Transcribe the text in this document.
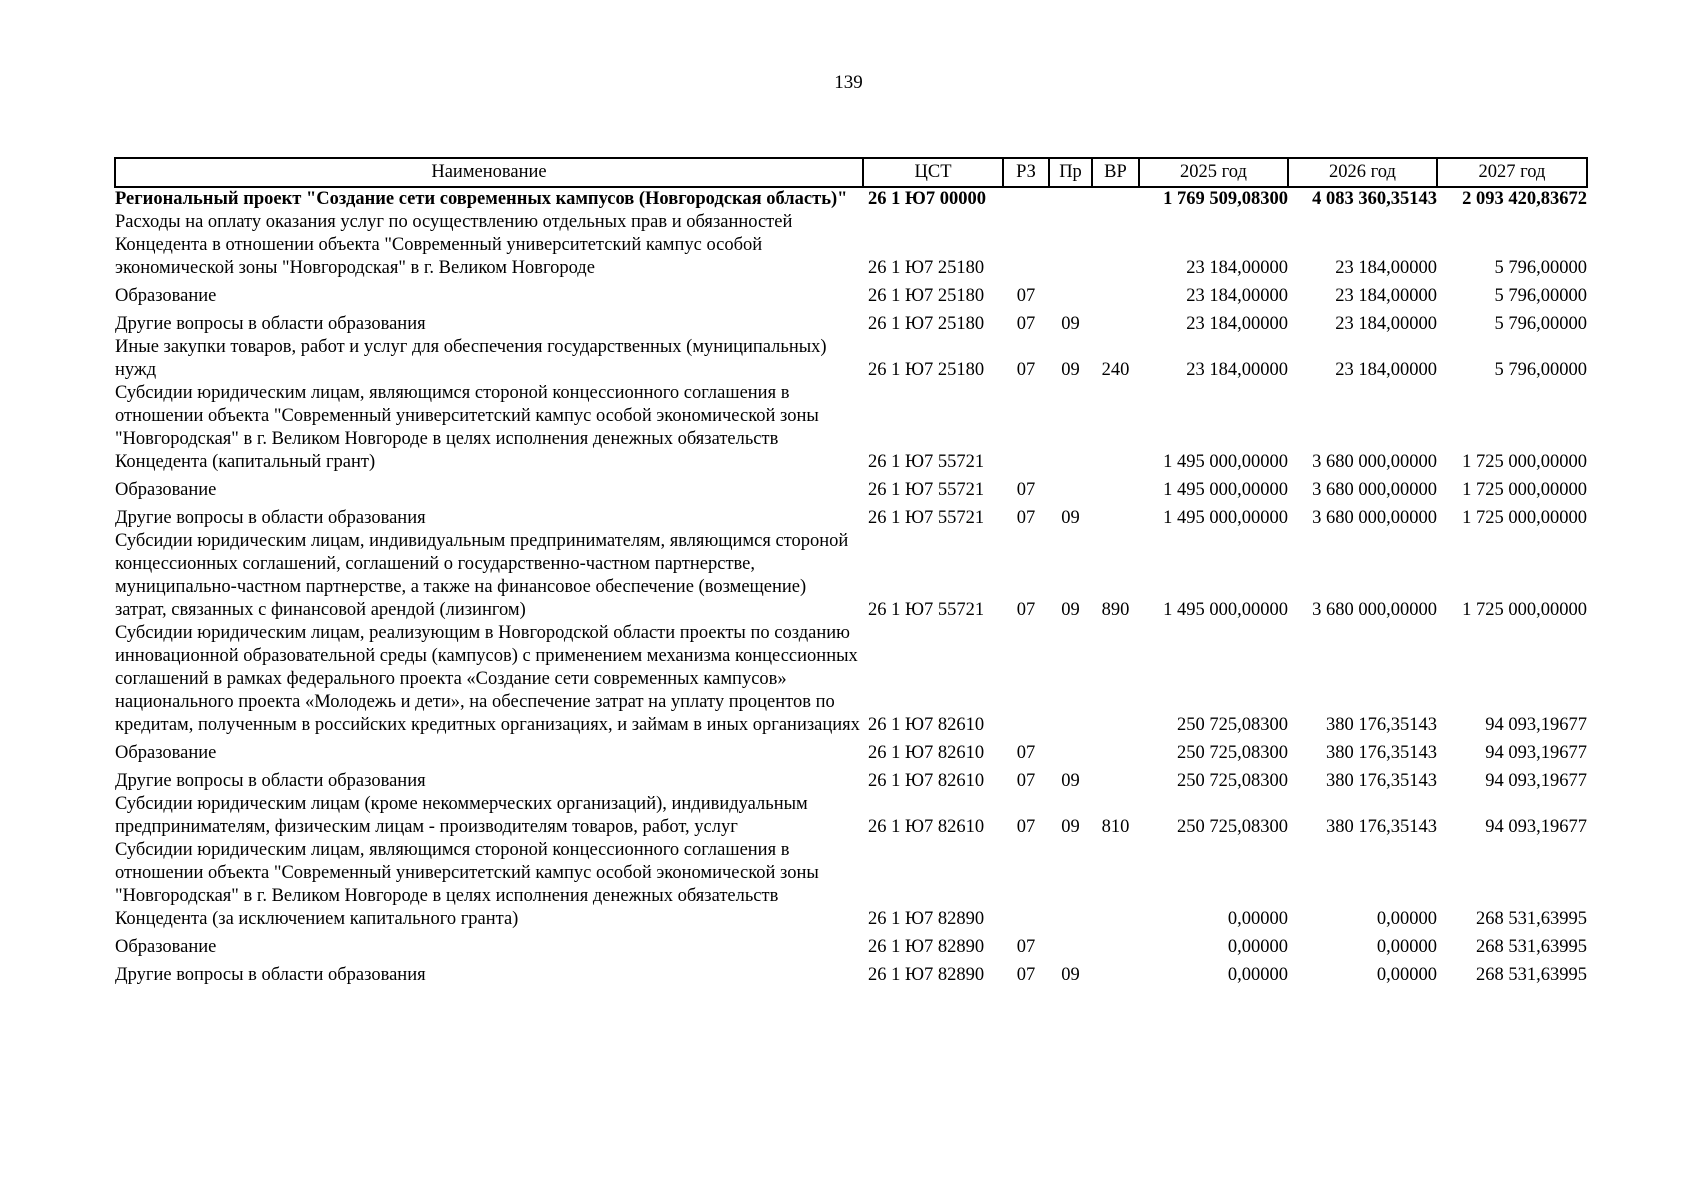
139
Наименование	ЦСТ	РЗ	Пр	ВР	2025 год	2026 год	2027 год
Региональный проект "Создание сети современных кампусов (Новгородская область)"	26 1 Ю7 00000				1 769 509,08300	4 083 360,35143	2 093 420,83672
Расходы на оплату оказания услуг по осуществлению отдельных прав и обязанностей Концедента в отношении объекта "Современный университетский кампус особой экономической зоны "Новгородская" в г. Великом Новгороде	26 1 Ю7 25180				23 184,00000	23 184,00000	5 796,00000
Образование	26 1 Ю7 25180	07			23 184,00000	23 184,00000	5 796,00000
Другие вопросы в области образования	26 1 Ю7 25180	07	09		23 184,00000	23 184,00000	5 796,00000
Иные закупки товаров, работ и услуг для обеспечения государственных (муниципальных) нужд	26 1 Ю7 25180	07	09	240	23 184,00000	23 184,00000	5 796,00000
Субсидии юридическим лицам, являющимся стороной концессионного соглашения в отношении объекта "Современный университетский кампус особой экономической зоны "Новгородская" в г. Великом Новгороде в целях исполнения денежных обязательств Концедента (капитальный грант)	26 1 Ю7 55721				1 495 000,00000	3 680 000,00000	1 725 000,00000
Образование	26 1 Ю7 55721	07			1 495 000,00000	3 680 000,00000	1 725 000,00000
Другие вопросы в области образования	26 1 Ю7 55721	07	09		1 495 000,00000	3 680 000,00000	1 725 000,00000
Субсидии юридическим лицам, индивидуальным предпринимателям, являющимся стороной концессионных соглашений, соглашений о государственно-частном партнерстве, муниципально-частном партнерстве, а также на финансовое обеспечение (возмещение) затрат, связанных с финансовой арендой (лизингом)	26 1 Ю7 55721	07	09	890	1 495 000,00000	3 680 000,00000	1 725 000,00000
Субсидии юридическим лицам, реализующим в Новгородской области проекты по созданию инновационной образовательной среды (кампусов) с применением механизма концессионных соглашений в рамках федерального проекта «Создание сети современных кампусов» национального проекта «Молодежь и дети», на обеспечение затрат на уплату процентов по кредитам, полученным в российских кредитных организациях, и займам в иных организациях	26 1 Ю7 82610				250 725,08300	380 176,35143	94 093,19677
Образование	26 1 Ю7 82610	07			250 725,08300	380 176,35143	94 093,19677
Другие вопросы в области образования	26 1 Ю7 82610	07	09		250 725,08300	380 176,35143	94 093,19677
Субсидии юридическим лицам (кроме некоммерческих организаций), индивидуальным предпринимателям, физическим лицам - производителям товаров, работ, услуг	26 1 Ю7 82610	07	09	810	250 725,08300	380 176,35143	94 093,19677
Субсидии юридическим лицам, являющимся стороной концессионного соглашения в отношении объекта "Современный университетский кампус особой экономической зоны "Новгородская" в г. Великом Новгороде в целях исполнения денежных обязательств Концедента (за исключением капитального гранта)	26 1 Ю7 82890				0,00000	0,00000	268 531,63995
Образование	26 1 Ю7 82890	07			0,00000	0,00000	268 531,63995
Другие вопросы в области образования	26 1 Ю7 82890	07	09		0,00000	0,00000	268 531,63995
